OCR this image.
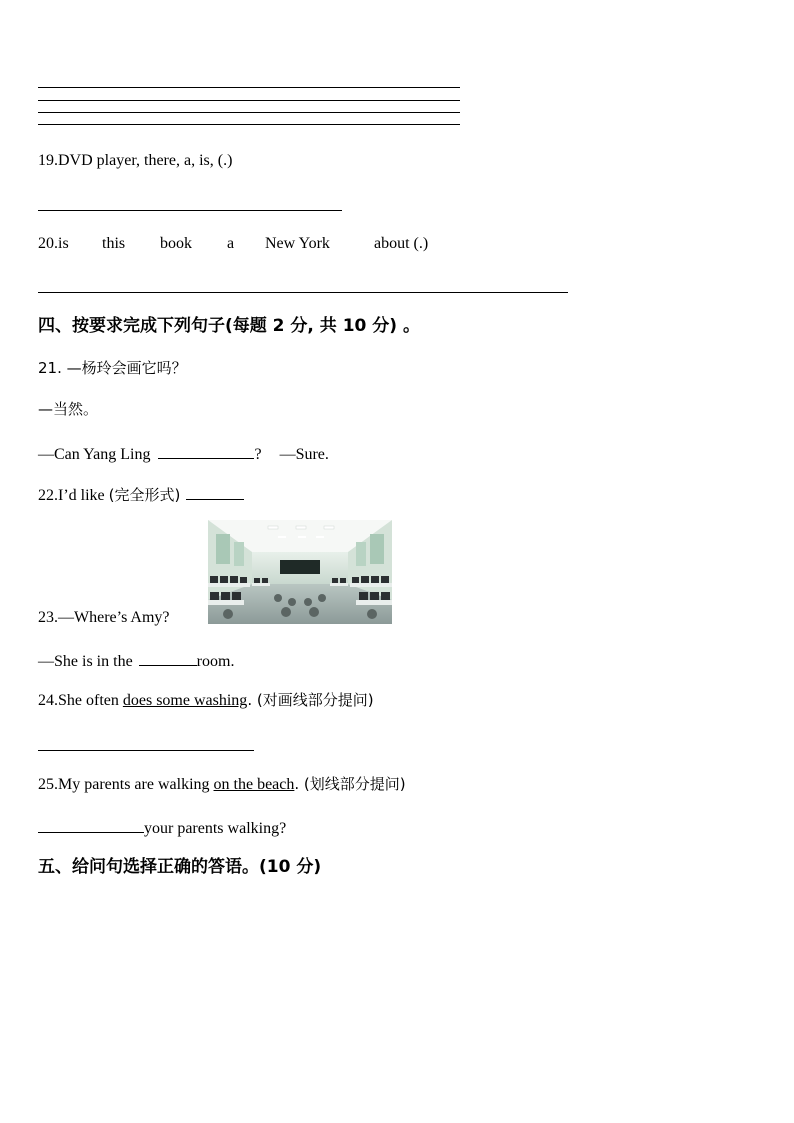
19.DVD player, there, a, is, (.)
20.is this book a New York	about (.)
四、按要求完成下列句子(每题 2 分, 共 10 分) 。
21. —杨玲会画它吗？
—当然。
—Can Yang Ling	? —Sure.
22.I’d like (完全形式)
23.—Where’s Amy?
—She is in the	room.
24.She often does some washing. (对画线部分提问)
25.My parents are walking on the beach. (划线部分提问)
your parents walking?
五、给问句选择正确的答语。(10 分)
